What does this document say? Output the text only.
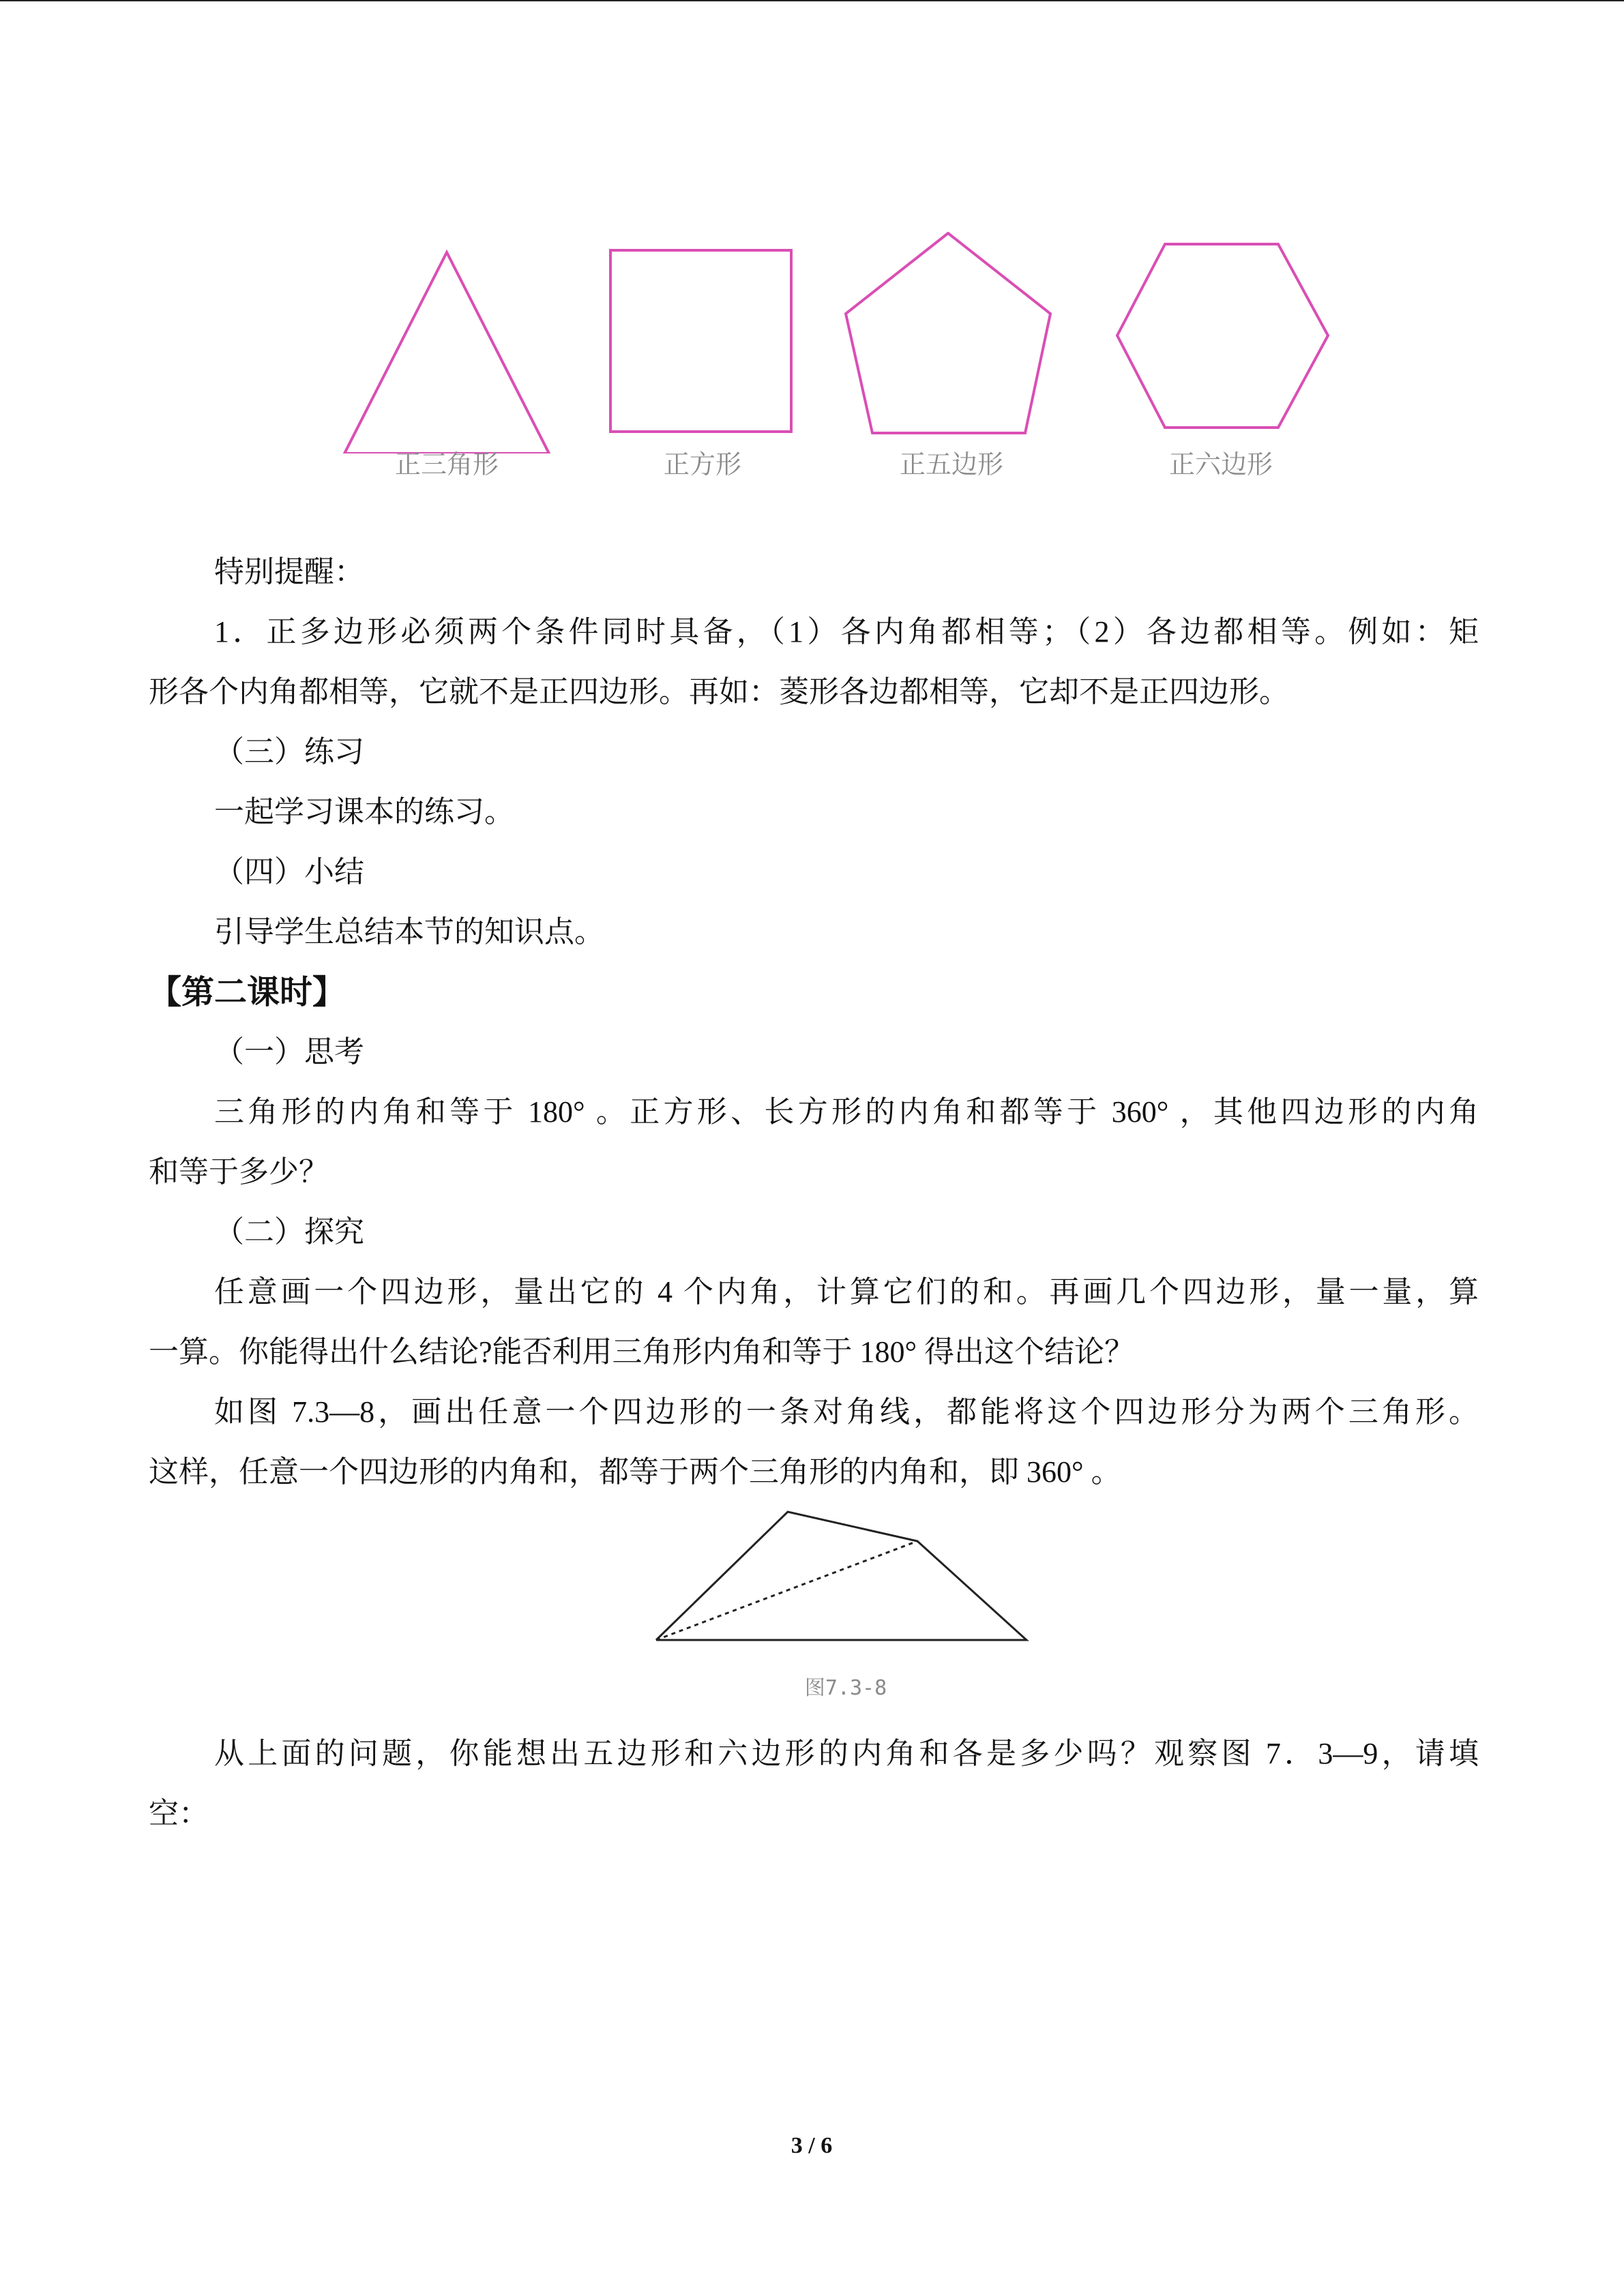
正三角形	正方形	正五边形	正六边形

特别提醒：

1．正多边形必须两个条件同时具备，（1）各内角都相等；（2）各边都相等。例如：矩

形各个内角都相等，它就不是正四边形。再如：菱形各边都相等，它却不是正四边形。

（三）练习

一起学习课本的练习。

（四）小结

引导学生总结本节的知识点。

【第二课时】

（一）思考

三角形的内角和等于 180° 。正方形、长方形的内角和都等于 360° ，其他四边形的内角

和等于多少？

（二）探究

任意画一个四边形，量出它的 4 个内角，计算它们的和。再画几个四边形，量一量，算

一算。你能得出什么结论?能否利用三角形内角和等于 180° 得出这个结论？

如图 7.3—8，画出任意一个四边形的一条对角线，都能将这个四边形分为两个三角形。

这样，任意一个四边形的内角和，都等于两个三角形的内角和，即 360° 。

图7.3-8

从上面的问题，你能想出五边形和六边形的内角和各是多少吗？观察图 7．3—9，请填

空：

3 / 6
